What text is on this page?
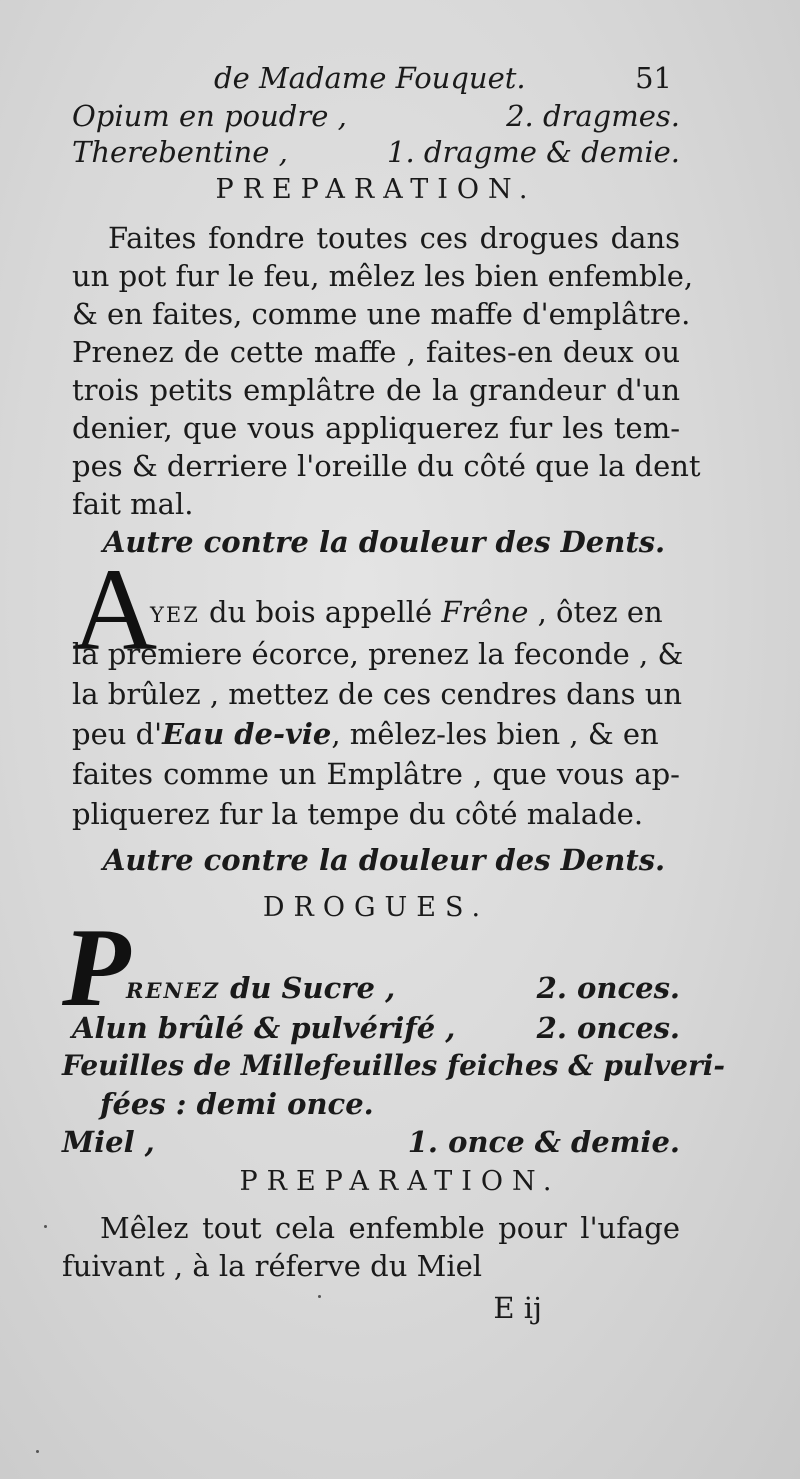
de Madame Fouquet.	51
Opium en poudre ,	2. dragmes.
Therebentine ,	1. dragme & demie.
PREPARATION.
Faites fondre toutes ces drogues dans
un pot fur le feu, mêlez les bien enfemble,
& en faites, comme une maffe d'emplâtre.
Prenez de cette maffe , faites-en deux ou
trois petits emplâtre de la grandeur d'un
denier, que vous appliquerez fur les tem-
pes & derriere l'oreille du côté que la dent
fait mal.
Autre contre la douleur des Dents.
A
YEZ du bois appellé Frêne , ôtez en
la premiere écorce, prenez la feconde , &
la brûlez , mettez de ces cendres dans un
peu d'Eau de-vie, mêlez-les bien , & en
faites comme un Emplâtre , que vous ap-
pliquerez fur la tempe du côté malade.
Autre contre la douleur des Dents.
DROGUES.
P
RENEZ du Sucre ,	2. onces.
Alun brûlé & pulvérifé ,	2. onces.
Feuilles de Millefeuilles feiches & pulveri-
fées : demi once.
Miel ,	1. once & demie.
PREPARATION.
Mêlez tout cela enfemble pour l'ufage
fuivant , à la réferve du Miel
E ij
